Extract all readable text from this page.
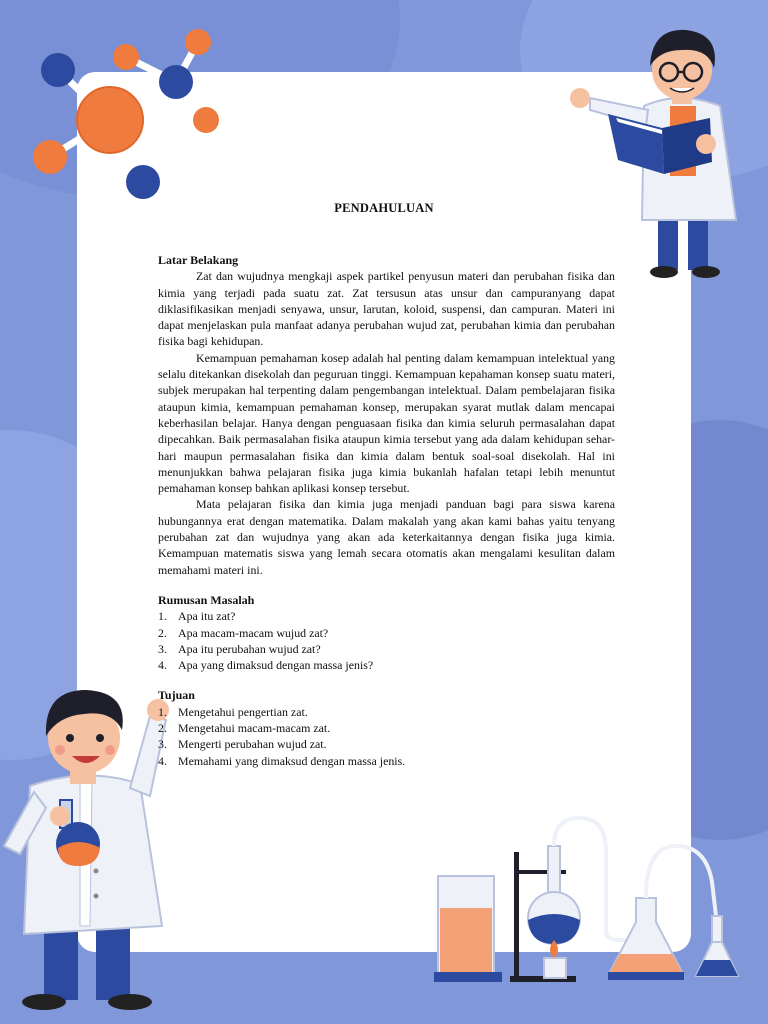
PENDAHULUAN

Latar Belakang

Zat dan wujudnya mengkaji aspek partikel penyusun materi dan perubahan fisika dan kimia yang terjadi pada suatu zat. Zat tersusun atas unsur dan campuranyang dapat diklasifikasikan menjadi senyawa, unsur, larutan, koloid, suspensi, dan campuran. Materi ini dapat menjelaskan pula manfaat adanya perubahan wujud zat, perubahan kimia dan perubahan fisika bagi kehidupan.

Kemampuan pemahaman kosep adalah hal penting dalam kemampuan intelektual yang selalu ditekankan disekolah dan peguruan tinggi. Kemampuan kepahaman konsep suatu materi, subjek merupakan hal terpenting dalam pengembangan intelektual. Dalam pembelajaran fisika ataupun kimia, kemampuan pemahaman konsep, merupakan syarat mutlak dalam mencapai keberhasilan belajar. Hanya dengan penguasaan fisika dan kimia seluruh permasalahan dapat dipecahkan. Baik permasalahan fisika ataupun kimia tersebut yang ada dalam kehidupan sehar-hari maupun permasalahan fisika dan kimia dalam bentuk soal-soal disekolah. Hal ini menunjukkan bahwa pelajaran fisika juga kimia bukanlah hafalan tetapi lebih menuntut pemahaman konsep bahkan aplikasi konsep tersebut.

Mata pelajaran fisika dan kimia juga menjadi panduan bagi para siswa karena hubungannya erat dengan matematika. Dalam makalah yang akan kami bahas yaitu tenyang perubahan zat dan wujudnya yang akan ada keterkaitannya dengan fisika juga kimia. Kemampuan matematis siswa yang lemah secara otomatis akan mengalami kesulitan dalam memahami materi ini.

Rumusan Masalah

1. Apa itu zat?
2. Apa macam-macam wujud zat?
3. Apa itu perubahan wujud zat?
4. Apa yang dimaksud dengan massa jenis?

Tujuan

1. Mengetahui pengertian zat.
2. Mengetahui macam-macam zat.
3. Mengerti perubahan wujud zat.
4. Memahami yang dimaksud dengan massa jenis.
